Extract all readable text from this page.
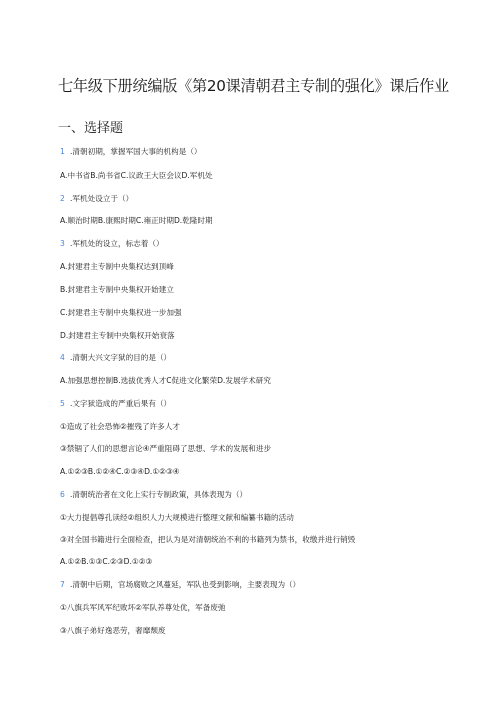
七年级下册统编版《第20课清朝君主专制的强化》课后作业
一、选择题
1 .清朝初期，掌握军国大事的机构是（）
A.中书省B.尚书省C.议政王大臣会议D.军机处
2 .军机处设立于（）
A.顺治时期B.康熙时期C.雍正时期D.乾隆时期
3 .军机处的设立，标志着（）
A.封建君主专制中央集权达到顶峰
B.封建君主专制中央集权开始建立
C.封建君主专制中央集权进一步加强
D.封建君主专制中央集权开始衰落
4 .清朝大兴文字狱的目的是（）
A.加强思想控制B.选拔优秀人才C促进文化繁荣D.发展学术研究
5 .文字狱造成的严重后果有（）
①造成了社会恐怖②摧残了许多人才
③禁锢了人们的思想言论④严重阻碍了思想、学术的发展和进步
A.①②③B.①②④C.②③④D.①②③④
6 .清朝统治者在文化上实行专制政策，具体表现为（）
①大力提倡尊孔读经②组织人力大规模进行整理文献和编纂书籍的活动
③对全国书籍进行全面检查，把认为是对清朝统治不利的书籍列为禁书，收缴并进行销毁
A.①②B.①③C.②③D.①②③
7 .清朝中后期，官场腐败之风蔓延，军队也受到影响，主要表现为（）
①八旗兵军风军纪败坏②军队养尊处优，军备废弛
③八旗子弟好逸恶劳，奢靡颓废
